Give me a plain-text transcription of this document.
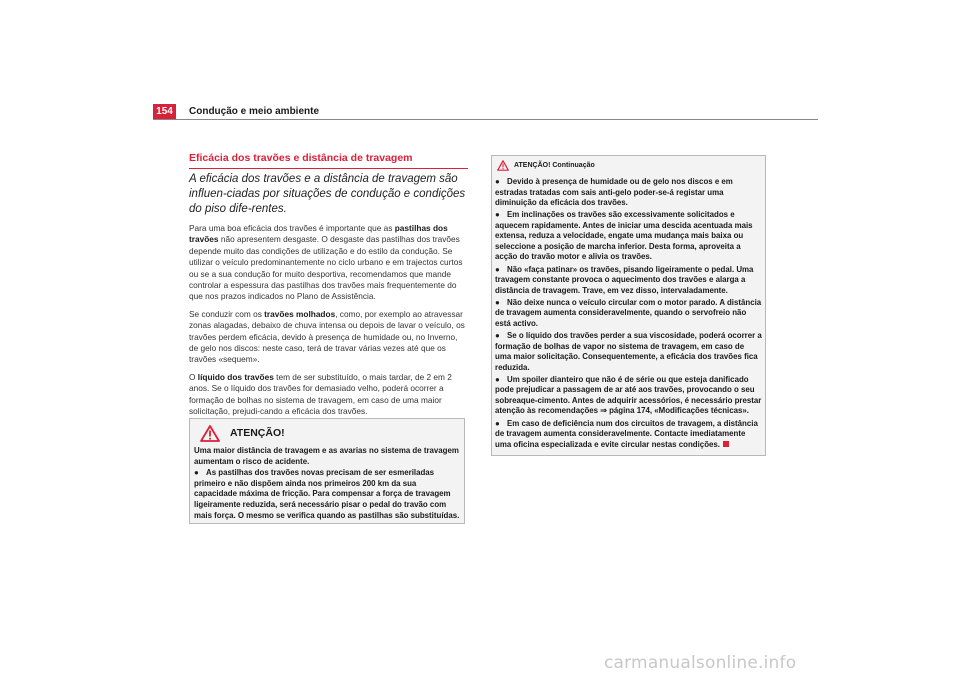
154	Condução e meio ambiente
Eficácia dos travões e distância de travagem

A eficácia dos travões e a distância de travagem são influen-ciadas por situações de condução e condições do piso dife-rentes.

Para uma boa eficácia dos travões é importante que as pastilhas dos travões não apresentem desgaste. O desgaste das pastilhas dos travões depende muito das condições de utilização e do estilo da condução. Se utilizar o veículo predominantemente no ciclo urbano e em trajectos curtos ou se a sua condução for muito desportiva, recomendamos que mande controlar a espessura das pastilhas dos travões mais frequentemente do que nos prazos indicados no Plano de Assistência.

Se conduzir com os travões molhados, como, por exemplo ao atravessar zonas alagadas, debaixo de chuva intensa ou depois de lavar o veículo, os travões perdem eficácia, devido à presença de humidade ou, no Inverno, de gelo nos discos: neste caso, terá de travar várias vezes até que os travões «sequem».

O líquido dos travões tem de ser substituído, o mais tardar, de 2 em 2 anos. Se o líquido dos travões for demasiado velho, poderá ocorrer a formação de bolhas no sistema de travagem, em caso de uma maior solicitação, prejudi-cando a eficácia dos travões.

ATENÇÃO!

Uma maior distância de travagem e as avarias no sistema de travagem aumentam o risco de acidente.

● As pastilhas dos travões novas precisam de ser esmeriladas primeiro e não dispõem ainda nos primeiros 200 km da sua capacidade máxima de fricção. Para compensar a força de travagem ligeiramente reduzida, será necessário pisar o pedal do travão com mais força. O mesmo se verifica quando as pastilhas são substituídas.

ATENÇÃO! Continuação

● Devido à presença de humidade ou de gelo nos discos e em estradas tratadas com sais anti-gelo poder-se-á registar uma diminuição da eficácia dos travões.

● Em inclinações os travões são excessivamente solicitados e aquecem rapidamente. Antes de iniciar uma descida acentuada mais extensa, reduza a velocidade, engate uma mudança mais baixa ou seleccione a posição de marcha inferior. Desta forma, aproveita a acção do travão motor e alivia os travões.

● Não «faça patinar» os travões, pisando ligeiramente o pedal. Uma travagem constante provoca o aquecimento dos travões e alarga a distância de travagem. Trave, em vez disso, intervaladamente.

● Não deixe nunca o veículo circular com o motor parado. A distância de travagem aumenta consideravelmente, quando o servofreio não está activo.

● Se o líquido dos travões perder a sua viscosidade, poderá ocorrer a formação de bolhas de vapor no sistema de travagem, em caso de uma maior solicitação. Consequentemente, a eficácia dos travões fica reduzida.

● Um spoiler dianteiro que não é de série ou que esteja danificado pode prejudicar a passagem de ar até aos travões, provocando o seu sobreaque-cimento. Antes de adquirir acessórios, é necessário prestar atenção às recomendações ⇒ página 174, «Modificações técnicas».

● Em caso de deficiência num dos circuitos de travagem, a distância de travagem aumenta consideravelmente. Contacte imediatamente uma oficina especializada e evite circular nestas condições.

carmanualsonline.info
